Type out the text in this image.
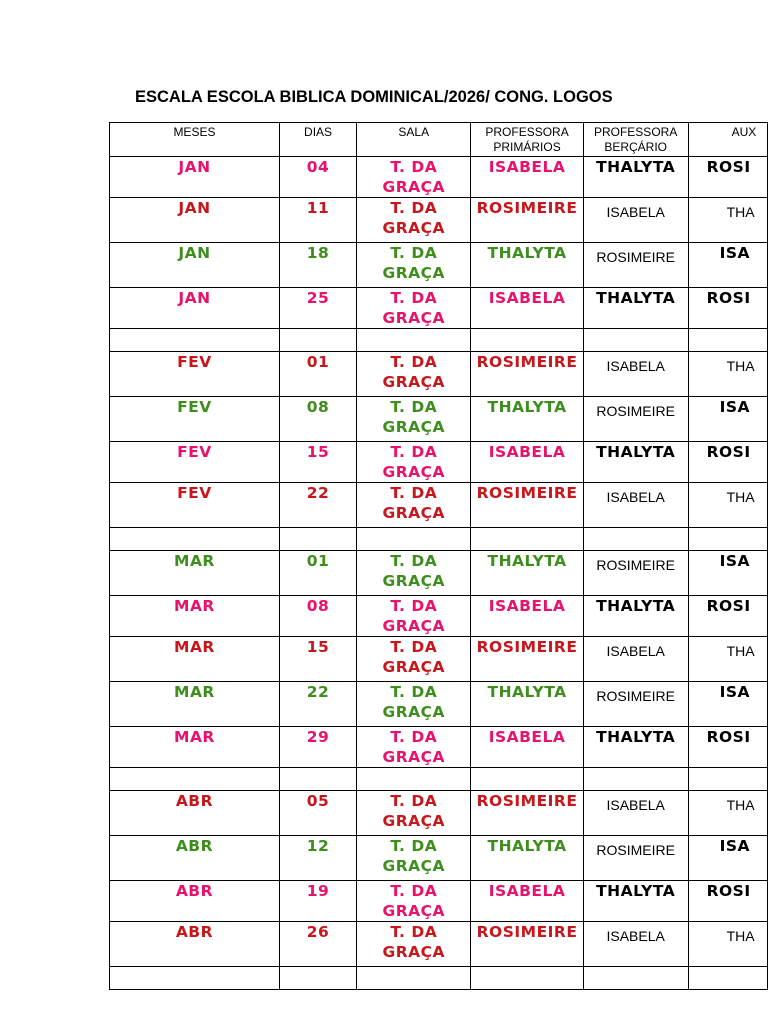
ESCALA ESCOLA BIBLICA DOMINICAL/2026/ CONG. LOGOS
MESES	DIAS	SALA	PROFESSORA PRIMÁRIOS	PROFESSORA BERÇÁRIO	AUX

JAN	04	T. DA GRAÇA	ISABELA	THALYTA	ROSI

JAN	11	T. DA GRAÇA	ROSIMEIRE	ISABELA	THA

JAN	18	T. DA GRAÇA	THALYTA	ROSIMEIRE	ISA

JAN	25	T. DA GRAÇA	ISABELA	THALYTA	ROSI

FEV	01	T. DA GRAÇA	ROSIMEIRE	ISABELA	THA

FEV	08	T. DA GRAÇA	THALYTA	ROSIMEIRE	ISA

FEV	15	T. DA GRAÇA	ISABELA	THALYTA	ROSI

FEV	22	T. DA GRAÇA	ROSIMEIRE	ISABELA	THA

MAR	01	T. DA GRAÇA	THALYTA	ROSIMEIRE	ISA

MAR	08	T. DA GRAÇA	ISABELA	THALYTA	ROSI

MAR	15	T. DA GRAÇA	ROSIMEIRE	ISABELA	THA

MAR	22	T. DA GRAÇA	THALYTA	ROSIMEIRE	ISA

MAR	29	T. DA GRAÇA	ISABELA	THALYTA	ROSI

ABR	05	T. DA GRAÇA	ROSIMEIRE	ISABELA	THA

ABR	12	T. DA GRAÇA	THALYTA	ROSIMEIRE	ISA

ABR	19	T. DA GRAÇA	ISABELA	THALYTA	ROSI

ABR	26	T. DA GRAÇA	ROSIMEIRE	ISABELA	THA
